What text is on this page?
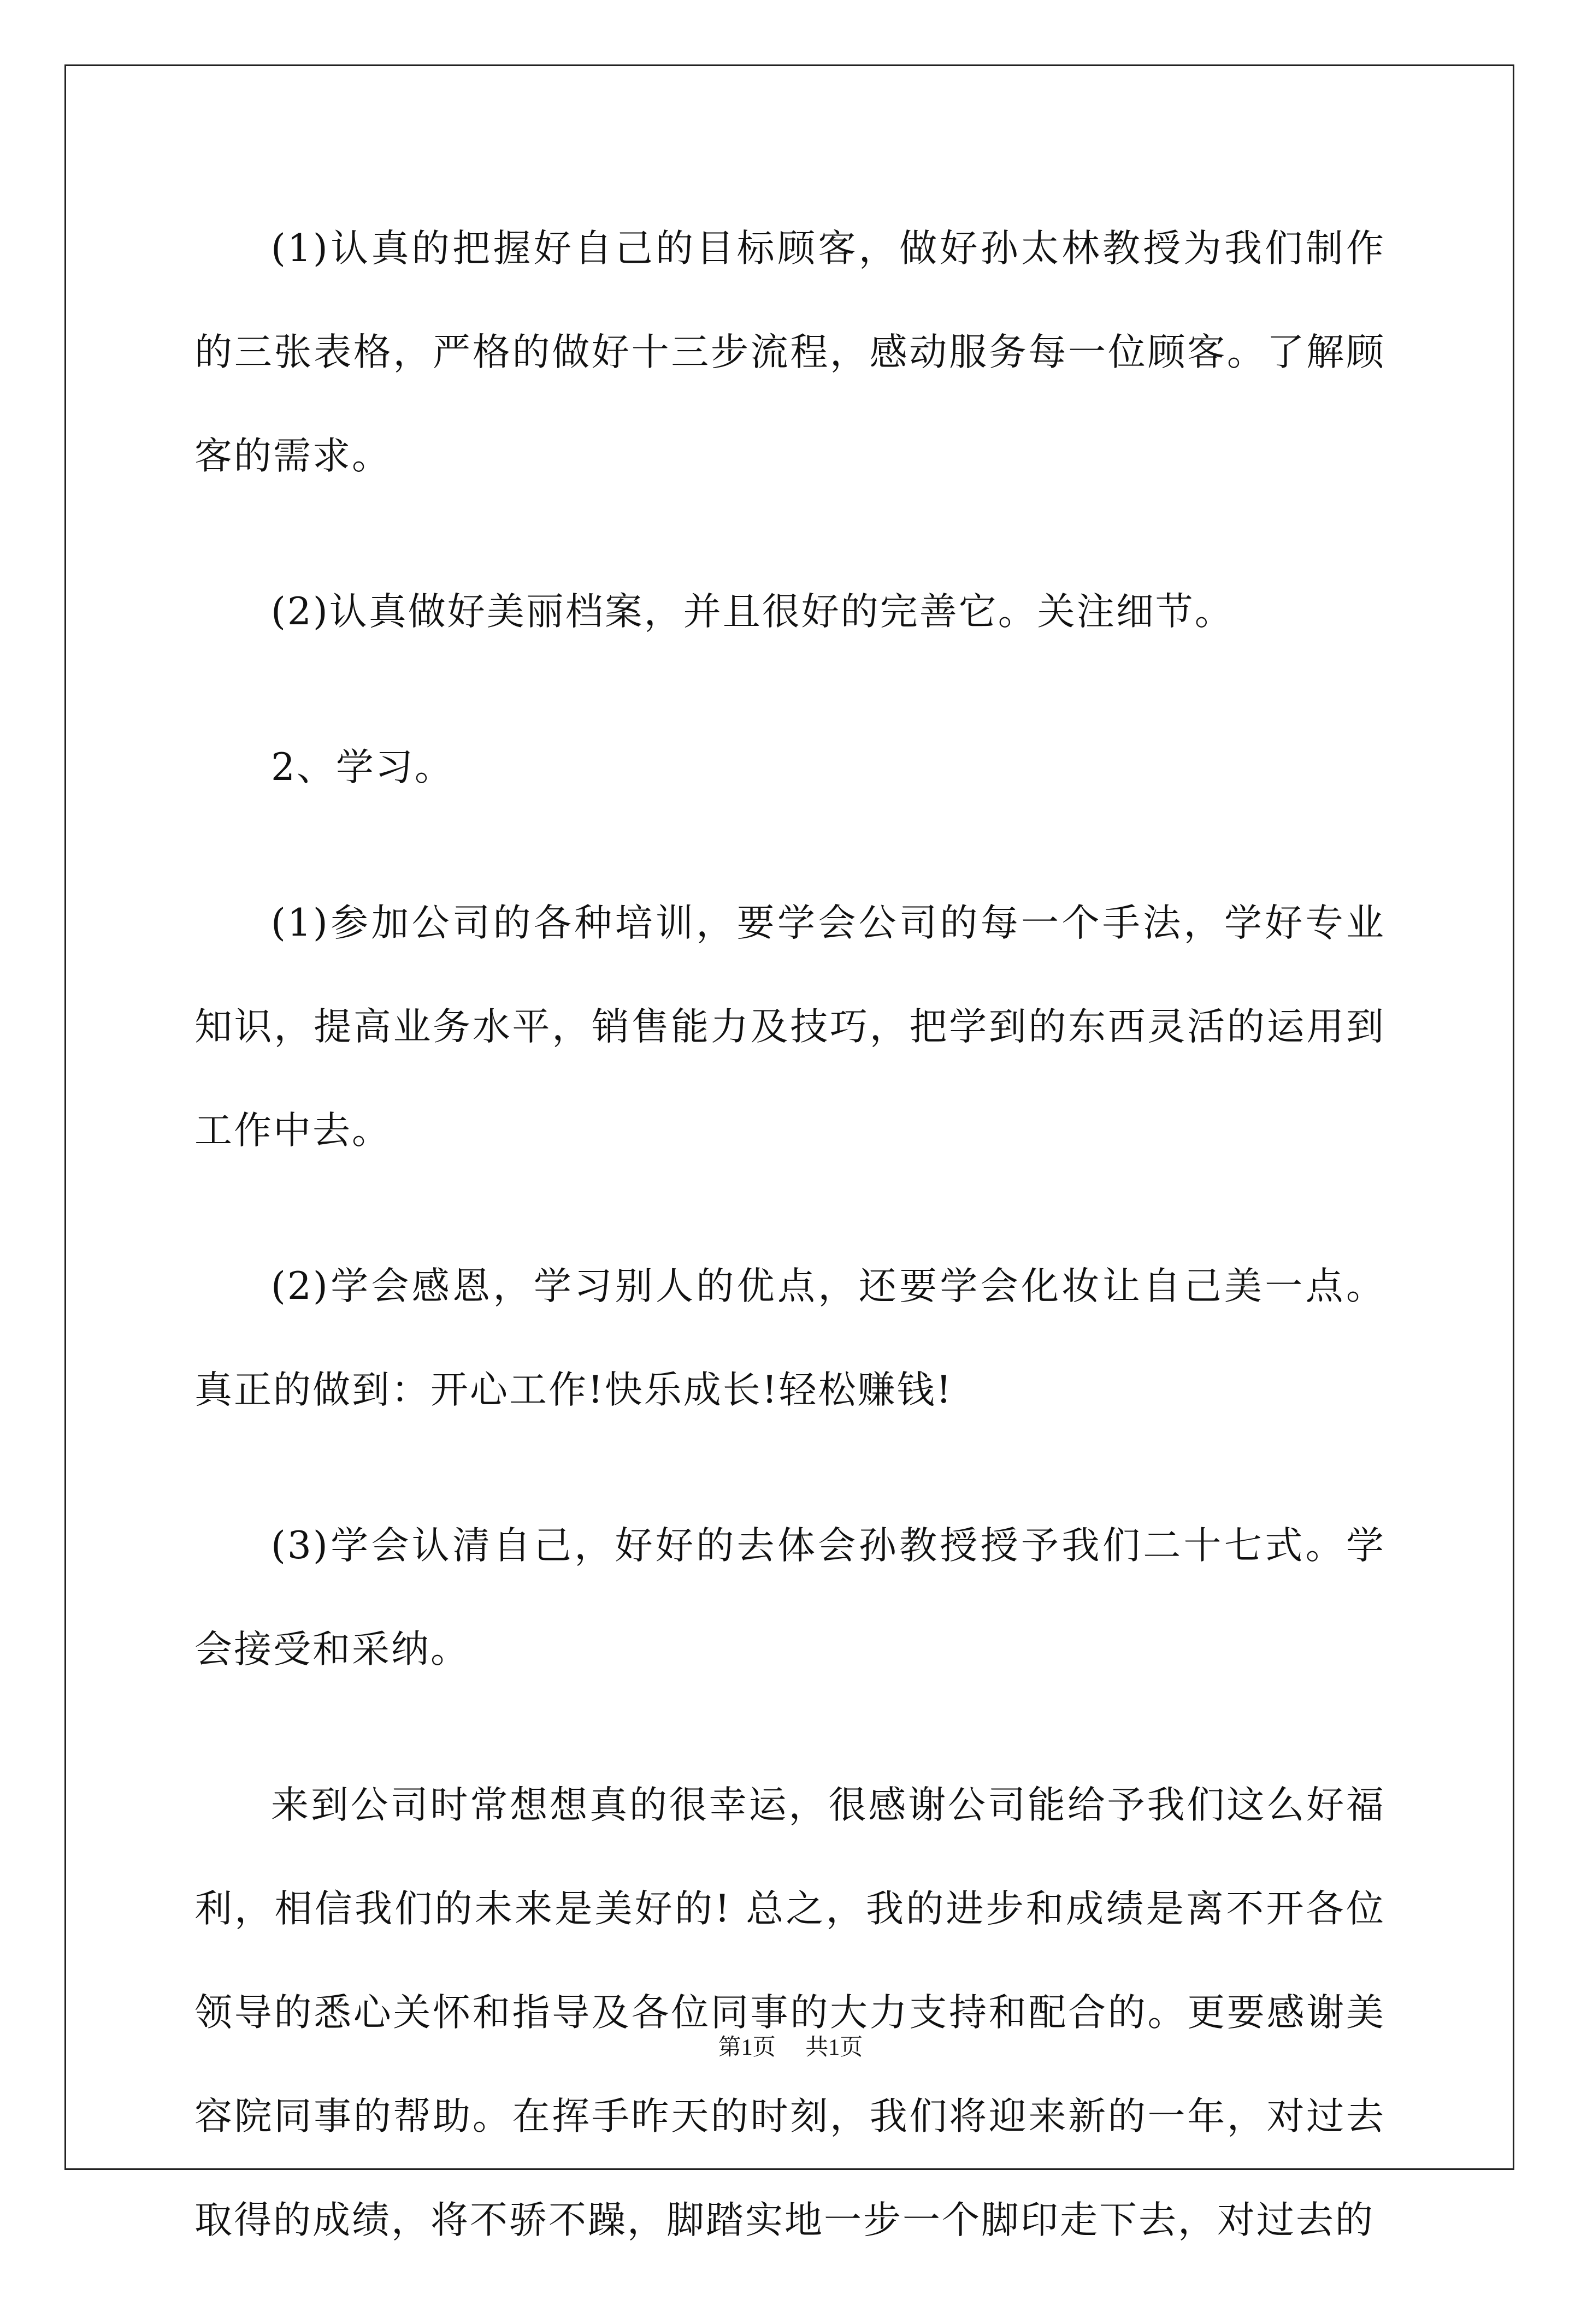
(1)认真的把握好自己的目标顾客，做好孙太林教授为我们制作的三张表格，严格的做好十三步流程，感动服务每一位顾客。了解顾客的需求。

(2)认真做好美丽档案，并且很好的完善它。关注细节。

2、学习。

(1)参加公司的各种培训，要学会公司的每一个手法，学好专业知识，提高业务水平，销售能力及技巧，把学到的东西灵活的运用到工作中去。

(2)学会感恩，学习别人的优点，还要学会化妆让自己美一点。真正的做到：开心工作!快乐成长!轻松赚钱!

(3)学会认清自己，好好的去体会孙教授授予我们二十七式。学会接受和采纳。

来到公司时常想想真的很幸运，很感谢公司能给予我们这么好福利，相信我们的未来是美好的! 总之，我的进步和成绩是离不开各位领导的悉心关怀和指导及各位同事的大力支持和配合的。更要感谢美容院同事的帮助。在挥手昨天的时刻，我们将迎来新的一年，对过去取得的成绩，将不骄不躁，脚踏实地一步一个脚印走下去，对过去的

第1页 共1页
